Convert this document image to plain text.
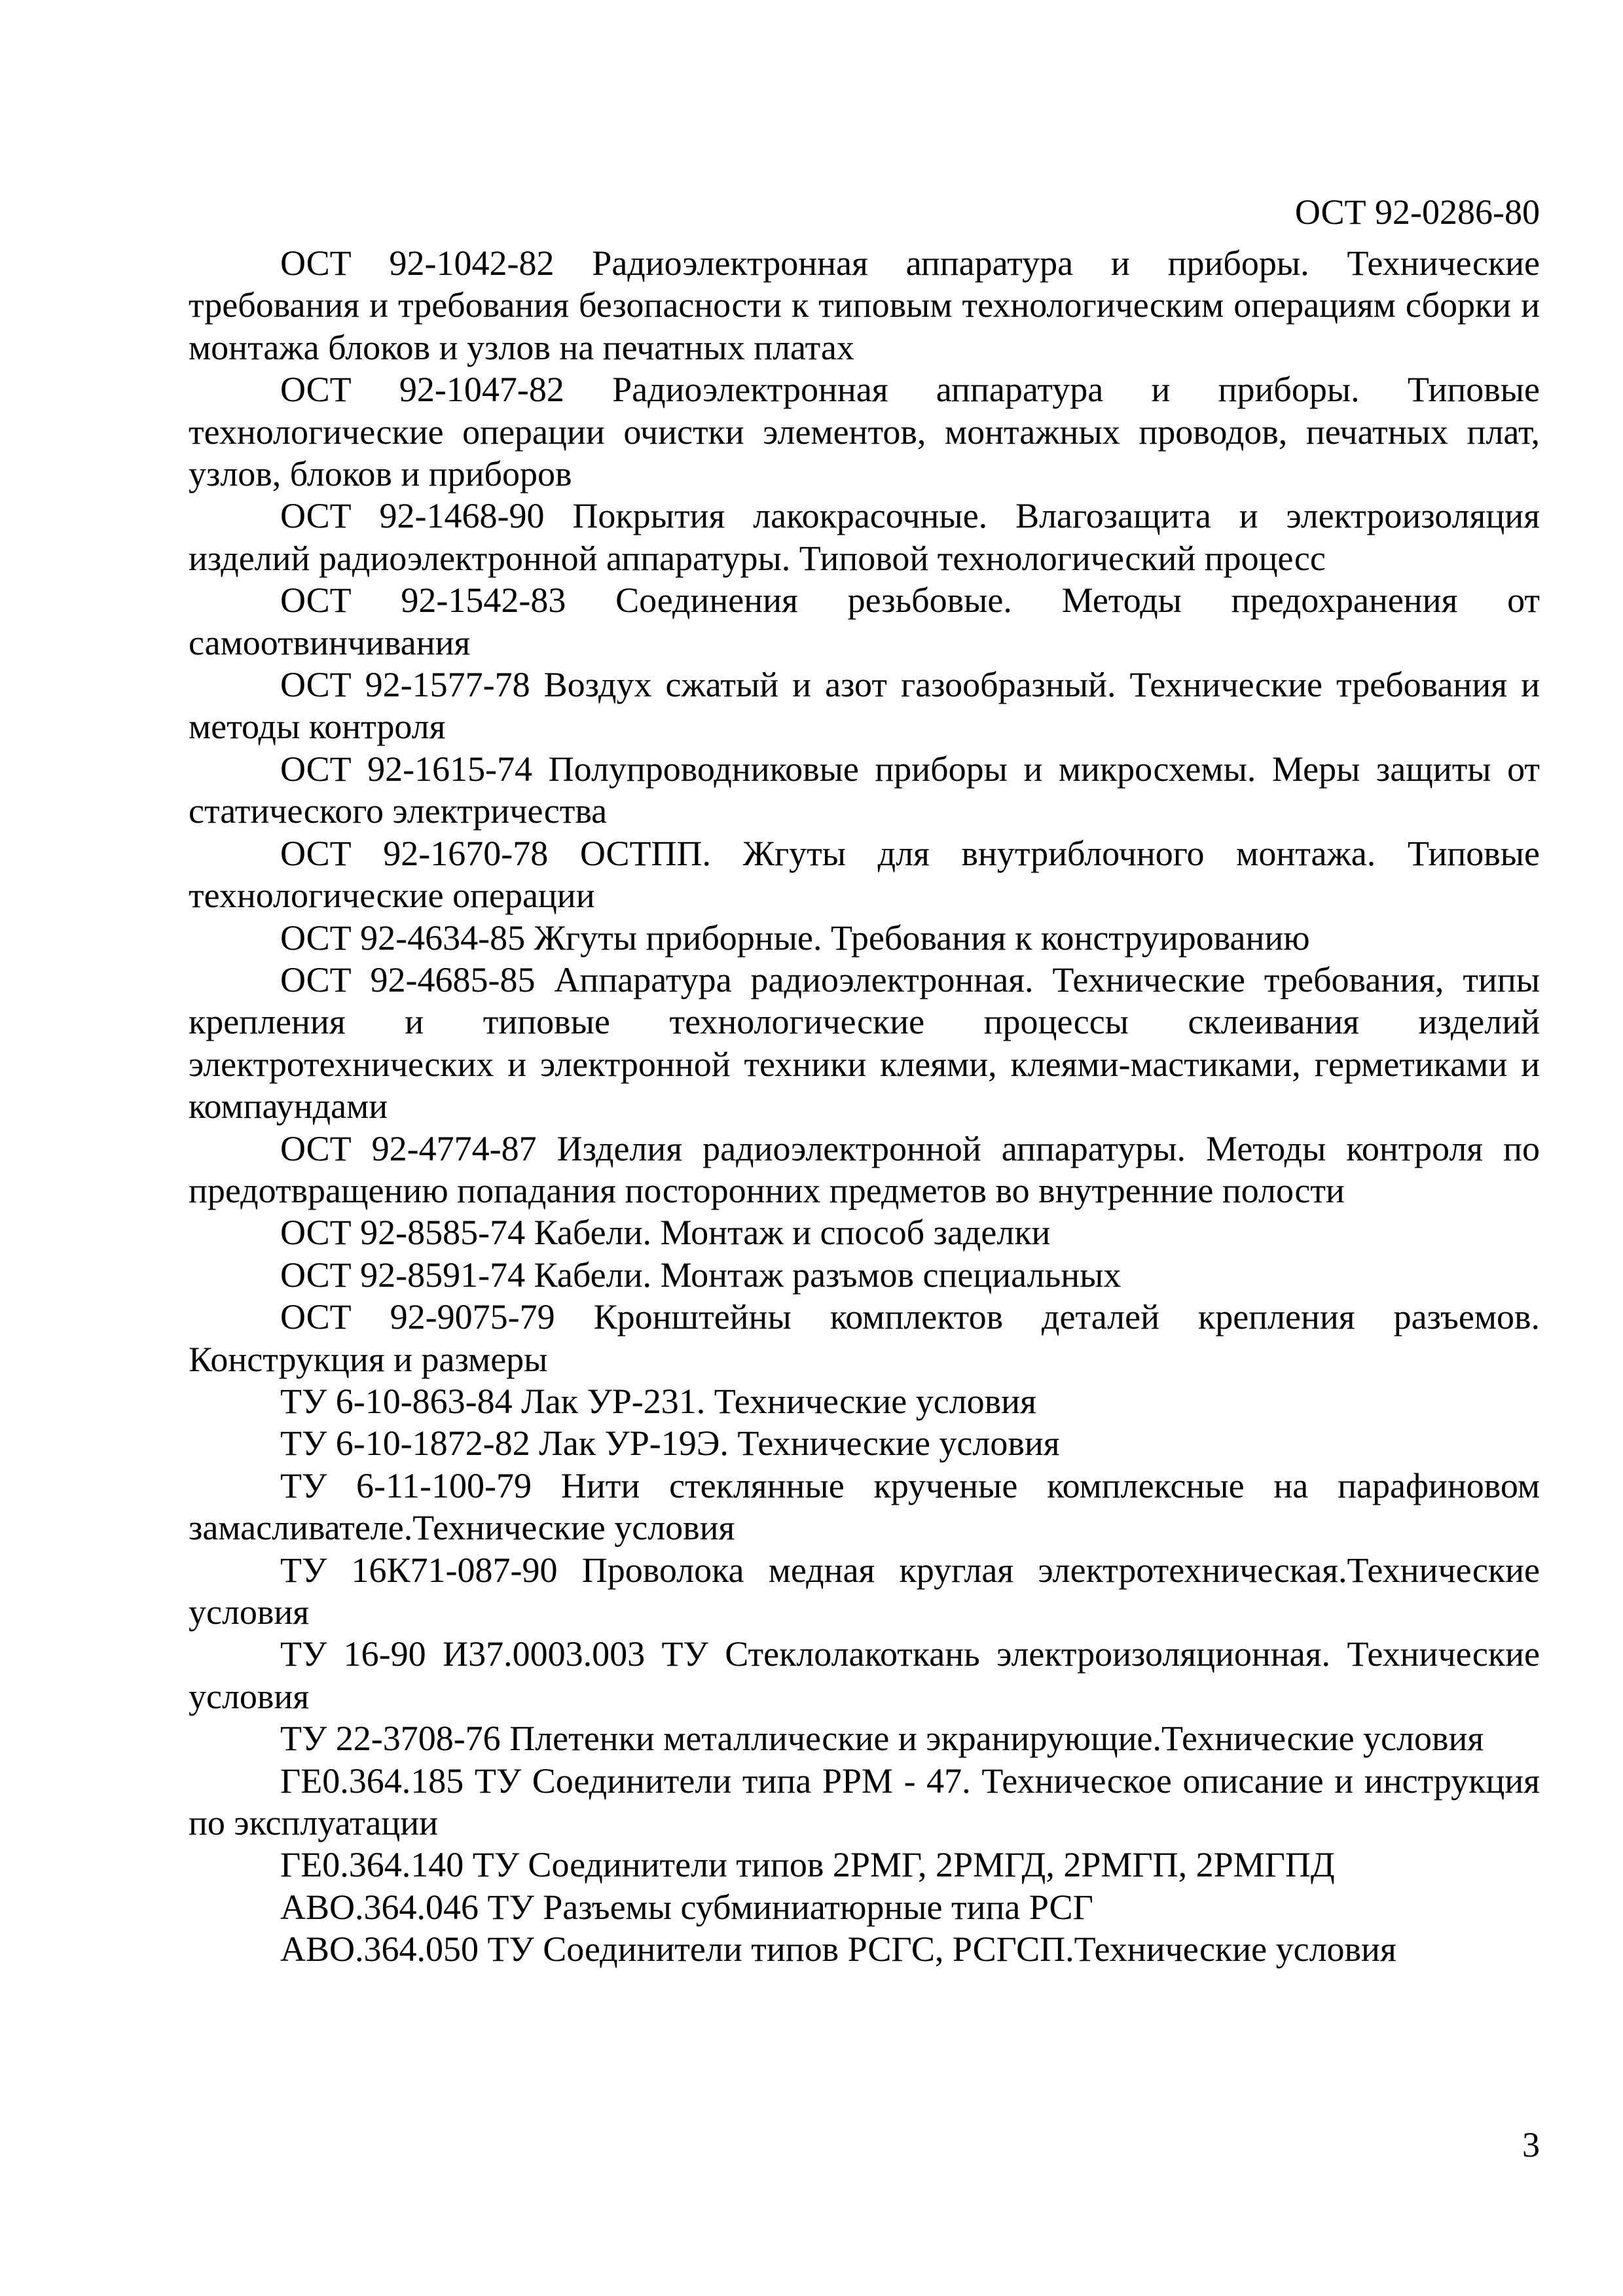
ОСТ 92-0286-80
ОСТ 92-1042-82 Радиоэлектронная аппаратура и приборы. Технические требования и требования безопасности к типовым технологическим операциям сборки и монтажа блоков и узлов на печатных платах
ОСТ 92-1047-82 Радиоэлектронная аппаратура и приборы. Типовые технологические операции очистки элементов, монтажных проводов, печатных плат, узлов, блоков и приборов
ОСТ 92-1468-90 Покрытия лакокрасочные. Влагозащита и электроизоляция изделий радиоэлектронной аппаратуры. Типовой технологический процесс
ОСТ 92-1542-83 Соединения резьбовые. Методы предохранения от самоотвинчивания
ОСТ 92-1577-78 Воздух сжатый и азот газообразный. Технические требования и методы контроля
ОСТ 92-1615-74 Полупроводниковые приборы и микросхемы. Меры защиты от статического электричества
ОСТ 92-1670-78 ОСТПП. Жгуты для внутриблочного монтажа. Типовые технологические операции
ОСТ 92-4634-85 Жгуты приборные. Требования к конструированию
ОСТ 92-4685-85 Аппаратура радиоэлектронная. Технические требования, типы крепления и типовые технологические процессы склеивания изделий электротехнических и электронной техники клеями, клеями-мастиками, герметиками и компаундами
ОСТ 92-4774-87 Изделия радиоэлектронной аппаратуры. Методы контроля по предотвращению попадания посторонних предметов во внутренние полости
ОСТ 92-8585-74 Кабели. Монтаж и способ заделки
ОСТ 92-8591-74 Кабели. Монтаж разъмов специальных
ОСТ 92-9075-79 Кронштейны комплектов деталей крепления разъемов. Конструкция и размеры
ТУ 6-10-863-84 Лак УР-231. Технические условия
ТУ 6-10-1872-82 Лак УР-19Э. Технические условия
ТУ 6-11-100-79 Нити стеклянные крученые комплексные на парафиновом замасливателе.Технические условия
ТУ 16К71-087-90 Проволока медная круглая электротехническая.Технические условия
ТУ 16-90 И37.0003.003 ТУ Стеклолакоткань электроизоляционная. Технические условия
ТУ 22-3708-76 Плетенки металлические и экранирующие.Технические условия
ГЕ0.364.185 ТУ Соединители типа РРМ - 47. Техническое описание и инструкция по эксплуатации
ГЕ0.364.140 ТУ Соединители типов 2РМГ, 2РМГД, 2РМГП, 2РМГПД
АВО.364.046 ТУ Разъемы субминиатюрные типа РСГ
АВО.364.050 ТУ Соединители типов РСГС, РСГСП.Технические условия
3
